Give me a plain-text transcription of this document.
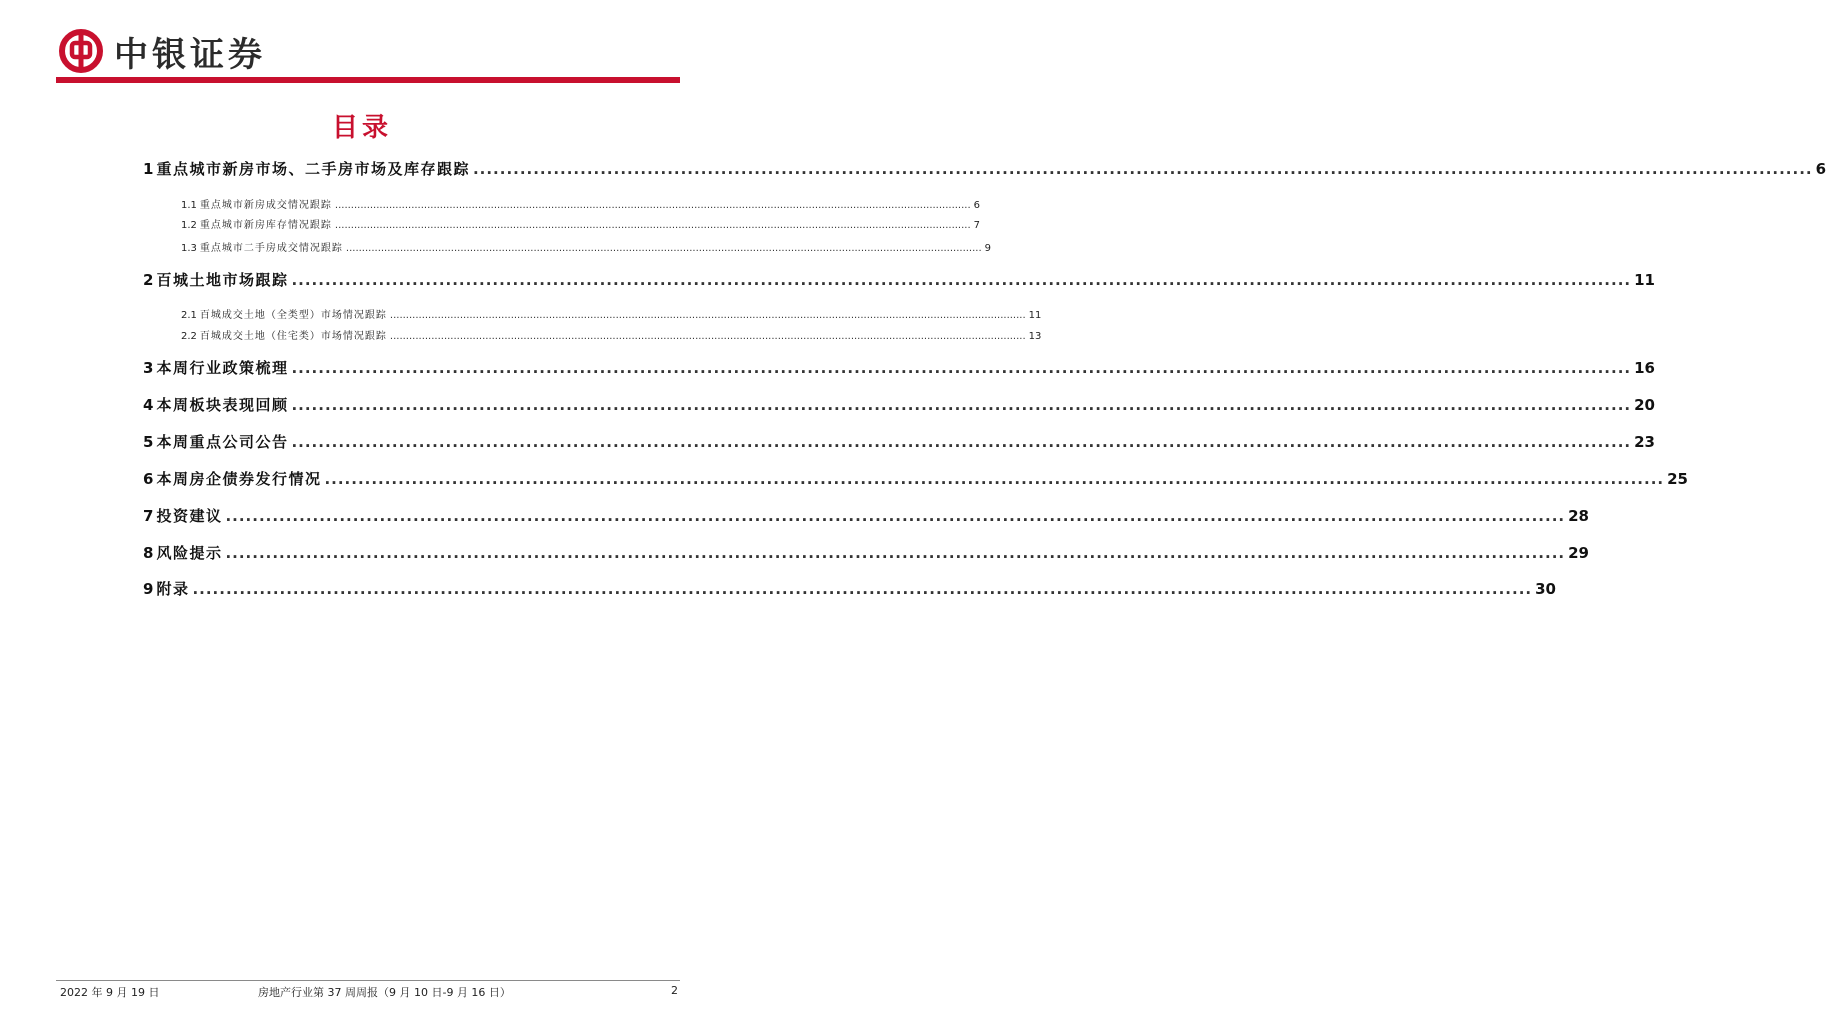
中银证券
目录
1 重点城市新房市场、二手房市场及库存跟踪 ........................................................................................................................................................................................................ 6
1.1 重点城市新房成交情况跟踪 ........................................................................................................................................................................................................ 6
1.2 重点城市新房库存情况跟踪 ........................................................................................................................................................................................................ 7
1.3 重点城市二手房成交情况跟踪 ........................................................................................................................................................................................................ 9
2 百城土地市场跟踪 ........................................................................................................................................................................................................ 11
2.1 百城成交土地（全类型）市场情况跟踪 ........................................................................................................................................................................................................ 11
2.2 百城成交土地（住宅类）市场情况跟踪 ........................................................................................................................................................................................................ 13
3 本周行业政策梳理 ........................................................................................................................................................................................................ 16
4 本周板块表现回顾 ........................................................................................................................................................................................................ 20
5 本周重点公司公告 ........................................................................................................................................................................................................ 23
6 本周房企债券发行情况 ........................................................................................................................................................................................................ 25
7 投资建议 ........................................................................................................................................................................................................ 28
8 风险提示 ........................................................................................................................................................................................................ 29
9 附录 ........................................................................................................................................................................................................ 30
2022 年 9 月 19 日	房地产行业第 37 周周报（9 月 10 日-9 月 16 日）	2
